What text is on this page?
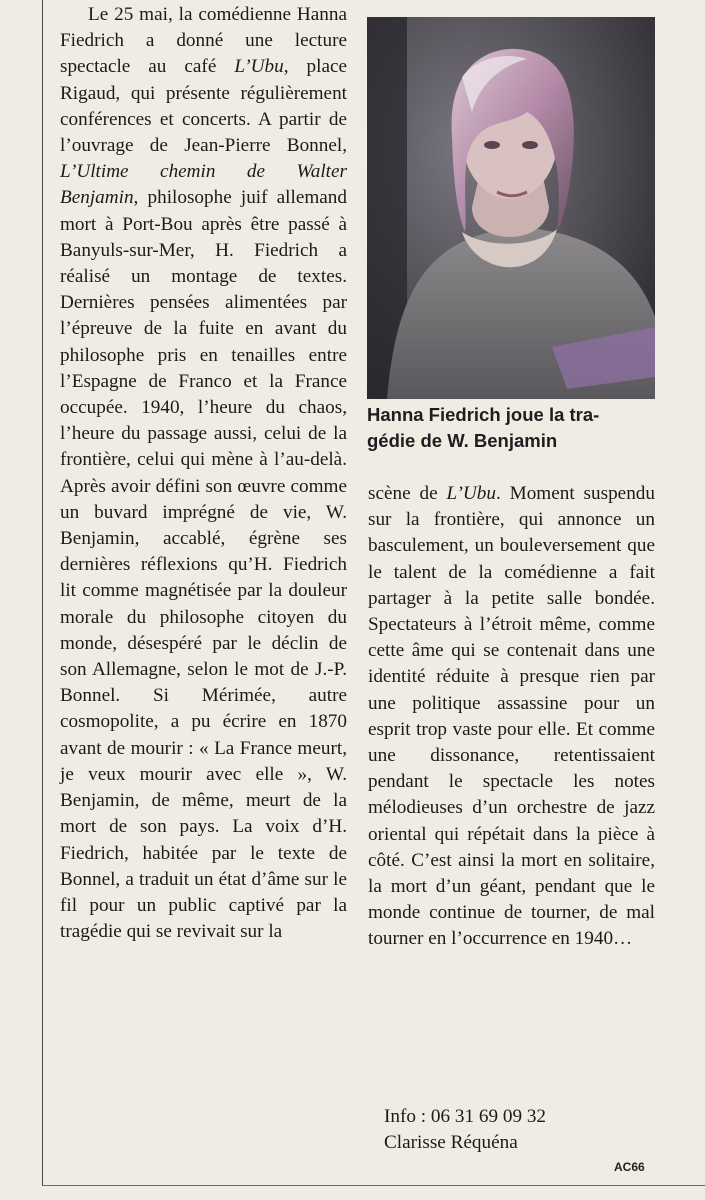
Le 25 mai, la comédienne Hanna Fiedrich a donné une lecture spectacle au café L’Ubu, place Rigaud, qui présente régulièrement conférences et concerts. A partir de l’ouvrage de Jean-Pierre Bonnel, L’Ultime chemin de Walter Benjamin, philosophe juif allemand mort à Port-Bou après être passé à Banyuls-sur-Mer, H. Fiedrich a réalisé un montage de textes. Dernières pensées alimentées par l’épreuve de la fuite en avant du philosophe pris en tenailles entre l’Espagne de Franco et la France occupée. 1940, l’heure du chaos, l’heure du passage aussi, celui de la frontière, celui qui mène à l’au-delà. Après avoir défini son œuvre comme un buvard imprégné de vie, W. Benjamin, accablé, égrène ses dernières réflexions qu’H. Fiedrich lit comme magnétisée par la douleur morale du philosophe citoyen du monde, désespéré par le déclin de son Allemagne, selon le mot de J.-P. Bonnel. Si Mérimée, autre cosmopolite, a pu écrire en 1870 avant de mourir : « La France meurt, je veux mourir avec elle », W. Benjamin, de même, meurt de la mort de son pays. La voix d’H. Fiedrich, habitée par le texte de Bonnel, a traduit un état d’âme sur le fil pour un public captivé par la tragédie qui se revivait sur la

Hanna Fiedrich joue la tra-

gédie de W. Benjamin

scène de L’Ubu. Moment suspendu sur la frontière, qui annonce un basculement, un bouleversement que le talent de la comédienne a fait partager à la petite salle bondée. Spectateurs à l’étroit même, comme cette âme qui se contenait dans une identité réduite à presque rien par une politique assassine pour un esprit trop vaste pour elle. Et comme une dissonance, retentissaient pendant le spectacle les notes mélodieuses d’un orchestre de jazz oriental qui répétait dans la pièce à côté. C’est ainsi la mort en solitaire, la mort d’un géant, pendant que le monde continue de tourner, de mal tourner en l’occurrence en 1940…

Info : 06 31 69 09 32

Clarisse Réquéna

AC66
